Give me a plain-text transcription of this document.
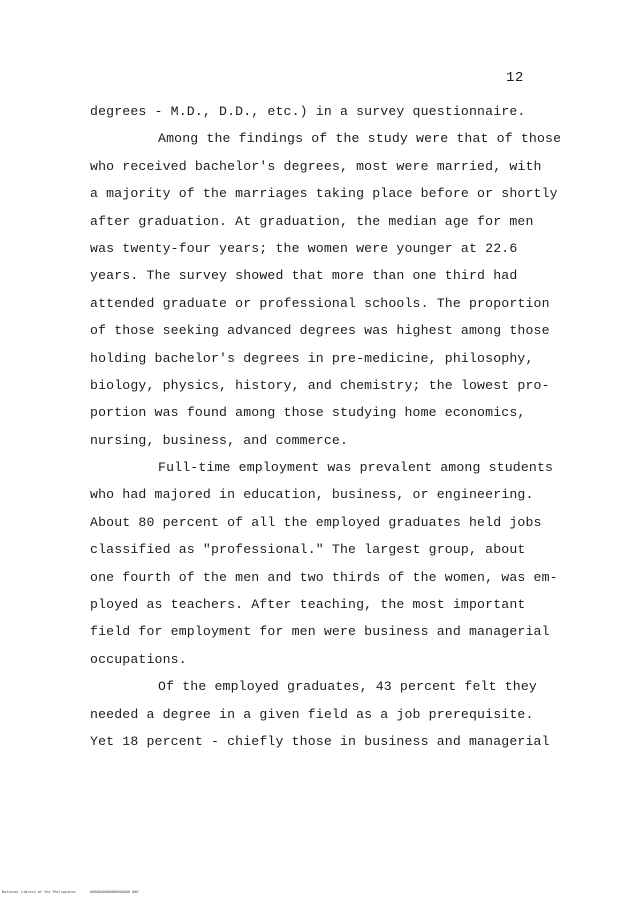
12
degrees - M.D., D.D., etc.) in a survey questionnaire.
Among the findings of the study were that of those
who received bachelor's degrees, most were married, with
a majority of the marriages taking place before or shortly
after graduation. At graduation, the median age for men
was twenty-four years; the women were younger at 22.6
years. The survey showed that more than one third had
attended graduate or professional schools. The proportion
of those seeking advanced degrees was highest among those
holding bachelor's degrees in pre-medicine, philosophy,
biology, physics, history, and chemistry; the lowest pro-
portion was found among those studying home economics,
nursing, business, and commerce.
Full-time employment was prevalent among students
who had majored in education, business, or engineering.
About 80 percent of all the employed graduates held jobs
classified as "professional." The largest group, about
one fourth of the men and two thirds of the women, was em-
ployed as teachers. After teaching, the most important
field for employment for men were business and managerial
occupations.
Of the employed graduates, 43 percent felt they
needed a degree in a given field as a job prerequisite.
Yet 18 percent - chiefly those in business and managerial
National Library of the Philippines	0000000000000000000 000
